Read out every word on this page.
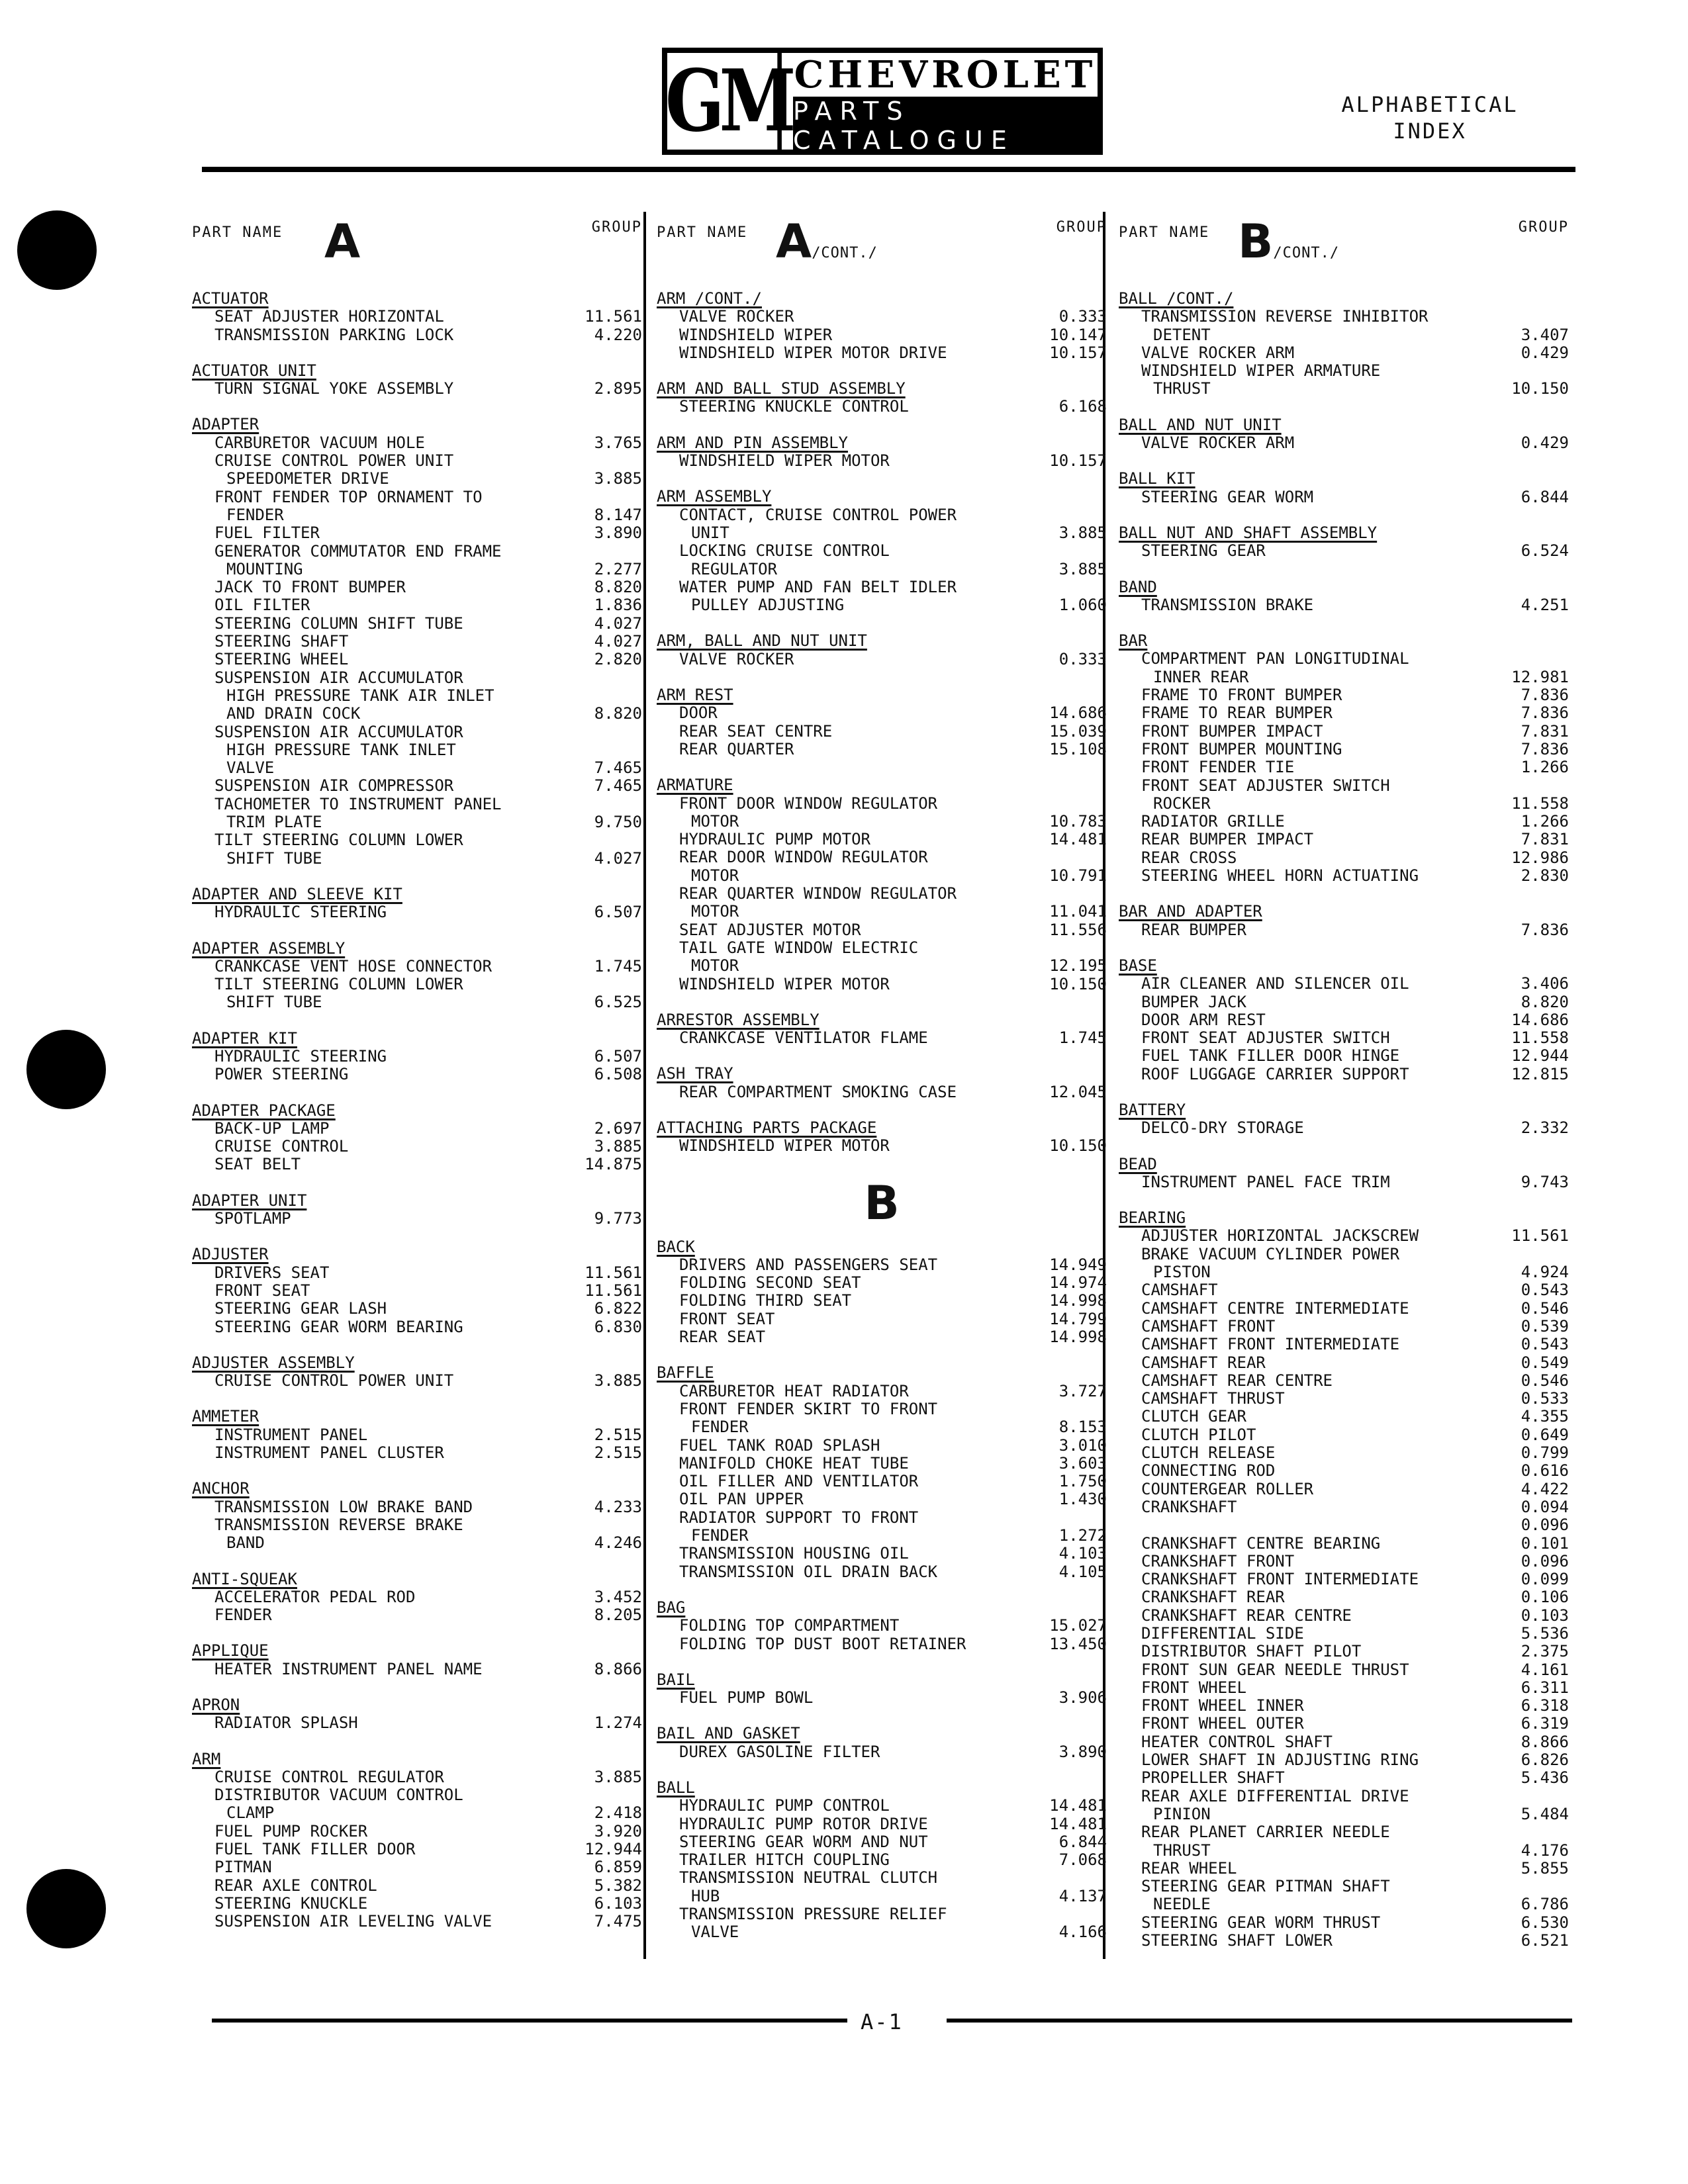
GM CHEVROLET
PARTS CATALOGUE
ALPHABETICAL
INDEX
PART NAME	GROUP
A
ACTUATOR
SEAT ADJUSTER HORIZONTAL	11.561
TRANSMISSION PARKING LOCK	4.220
ACTUATOR UNIT
TURN SIGNAL YOKE ASSEMBLY	2.895
ADAPTER
CARBURETOR VACUUM HOLE	3.765
CRUISE CONTROL POWER UNIT
SPEEDOMETER DRIVE	3.885
FRONT FENDER TOP ORNAMENT TO
FENDER	8.147
FUEL FILTER	3.890
GENERATOR COMMUTATOR END FRAME
MOUNTING	2.277
JACK TO FRONT BUMPER	8.820
OIL FILTER	1.836
STEERING COLUMN SHIFT TUBE	4.027
STEERING SHAFT	4.027
STEERING WHEEL	2.820
SUSPENSION AIR ACCUMULATOR
HIGH PRESSURE TANK AIR INLET
AND DRAIN COCK	8.820
SUSPENSION AIR ACCUMULATOR
HIGH PRESSURE TANK INLET
VALVE	7.465
SUSPENSION AIR COMPRESSOR	7.465
TACHOMETER TO INSTRUMENT PANEL
TRIM PLATE	9.750
TILT STEERING COLUMN LOWER
SHIFT TUBE	4.027
ADAPTER AND SLEEVE KIT
HYDRAULIC STEERING	6.507
ADAPTER ASSEMBLY
CRANKCASE VENT HOSE CONNECTOR	1.745
TILT STEERING COLUMN LOWER
SHIFT TUBE	6.525
ADAPTER KIT
HYDRAULIC STEERING	6.507
POWER STEERING	6.508
ADAPTER PACKAGE
BACK-UP LAMP	2.697
CRUISE CONTROL	3.885
SEAT BELT	14.875
ADAPTER UNIT
SPOTLAMP	9.773
ADJUSTER
DRIVERS SEAT	11.561
FRONT SEAT	11.561
STEERING GEAR LASH	6.822
STEERING GEAR WORM BEARING	6.830
ADJUSTER ASSEMBLY
CRUISE CONTROL POWER UNIT	3.885
AMMETER
INSTRUMENT PANEL	2.515
INSTRUMENT PANEL CLUSTER	2.515
ANCHOR
TRANSMISSION LOW BRAKE BAND	4.233
TRANSMISSION REVERSE BRAKE
BAND	4.246
ANTI-SQUEAK
ACCELERATOR PEDAL ROD	3.452
FENDER	8.205
APPLIQUE
HEATER INSTRUMENT PANEL NAME	8.866
APRON
RADIATOR SPLASH	1.274
ARM
CRUISE CONTROL REGULATOR	3.885
DISTRIBUTOR VACUUM CONTROL
CLAMP	2.418
FUEL PUMP ROCKER	3.920
FUEL TANK FILLER DOOR	12.944
PITMAN	6.859
REAR AXLE CONTROL	5.382
STEERING KNUCKLE	6.103
SUSPENSION AIR LEVELING VALVE	7.475
PART NAME	GROUP
A/CONT./
ARM /CONT./
VALVE ROCKER	0.333
WINDSHIELD WIPER	10.147
WINDSHIELD WIPER MOTOR DRIVE	10.157
ARM AND BALL STUD ASSEMBLY
STEERING KNUCKLE CONTROL	6.168
ARM AND PIN ASSEMBLY
WINDSHIELD WIPER MOTOR	10.157
ARM ASSEMBLY
CONTACT, CRUISE CONTROL POWER
UNIT	3.885
LOCKING CRUISE CONTROL
REGULATOR	3.885
WATER PUMP AND FAN BELT IDLER
PULLEY ADJUSTING	1.060
ARM, BALL AND NUT UNIT
VALVE ROCKER	0.333
ARM REST
DOOR	14.686
REAR SEAT CENTRE	15.039
REAR QUARTER	15.108
ARMATURE
FRONT DOOR WINDOW REGULATOR
MOTOR	10.783
HYDRAULIC PUMP MOTOR	14.481
REAR DOOR WINDOW REGULATOR
MOTOR	10.791
REAR QUARTER WINDOW REGULATOR
MOTOR	11.041
SEAT ADJUSTER MOTOR	11.556
TAIL GATE WINDOW ELECTRIC
MOTOR	12.195
WINDSHIELD WIPER MOTOR	10.150
ARRESTOR ASSEMBLY
CRANKCASE VENTILATOR FLAME	1.745
ASH TRAY
REAR COMPARTMENT SMOKING CASE	12.045
ATTACHING PARTS PACKAGE
WINDSHIELD WIPER MOTOR	10.150
B
BACK
DRIVERS AND PASSENGERS SEAT	14.949
FOLDING SECOND SEAT	14.974
FOLDING THIRD SEAT	14.998
FRONT SEAT	14.799
REAR SEAT	14.998
BAFFLE
CARBURETOR HEAT RADIATOR	3.727
FRONT FENDER SKIRT TO FRONT
FENDER	8.153
FUEL TANK ROAD SPLASH	3.010
MANIFOLD CHOKE HEAT TUBE	3.603
OIL FILLER AND VENTILATOR	1.750
OIL PAN UPPER	1.430
RADIATOR SUPPORT TO FRONT
FENDER	1.272
TRANSMISSION HOUSING OIL	4.103
TRANSMISSION OIL DRAIN BACK	4.105
BAG
FOLDING TOP COMPARTMENT	15.027
FOLDING TOP DUST BOOT RETAINER	13.450
BAIL
FUEL PUMP BOWL	3.906
BAIL AND GASKET
DUREX GASOLINE FILTER	3.890
BALL
HYDRAULIC PUMP CONTROL	14.481
HYDRAULIC PUMP ROTOR DRIVE	14.481
STEERING GEAR WORM AND NUT	6.844
TRAILER HITCH COUPLING	7.068
TRANSMISSION NEUTRAL CLUTCH
HUB	4.137
TRANSMISSION PRESSURE RELIEF
VALVE	4.166
PART NAME	GROUP
B/CONT./
BALL /CONT./
TRANSMISSION REVERSE INHIBITOR
DETENT	3.407
VALVE ROCKER ARM	0.429
WINDSHIELD WIPER ARMATURE
THRUST	10.150
BALL AND NUT UNIT
VALVE ROCKER ARM	0.429
BALL KIT
STEERING GEAR WORM	6.844
BALL NUT AND SHAFT ASSEMBLY
STEERING GEAR	6.524
BAND
TRANSMISSION BRAKE	4.251
BAR
COMPARTMENT PAN LONGITUDINAL
INNER REAR	12.981
FRAME TO FRONT BUMPER	7.836
FRAME TO REAR BUMPER	7.836
FRONT BUMPER IMPACT	7.831
FRONT BUMPER MOUNTING	7.836
FRONT FENDER TIE	1.266
FRONT SEAT ADJUSTER SWITCH
ROCKER	11.558
RADIATOR GRILLE	1.266
REAR BUMPER IMPACT	7.831
REAR CROSS	12.986
STEERING WHEEL HORN ACTUATING	2.830
BAR AND ADAPTER
REAR BUMPER	7.836
BASE
AIR CLEANER AND SILENCER OIL	3.406
BUMPER JACK	8.820
DOOR ARM REST	14.686
FRONT SEAT ADJUSTER SWITCH	11.558
FUEL TANK FILLER DOOR HINGE	12.944
ROOF LUGGAGE CARRIER SUPPORT	12.815
BATTERY
DELCO-DRY STORAGE	2.332
BEAD
INSTRUMENT PANEL FACE TRIM	9.743
BEARING
ADJUSTER HORIZONTAL JACKSCREW	11.561
BRAKE VACUUM CYLINDER POWER
PISTON	4.924
CAMSHAFT	0.543
CAMSHAFT CENTRE INTERMEDIATE	0.546
CAMSHAFT FRONT	0.539
CAMSHAFT FRONT INTERMEDIATE	0.543
CAMSHAFT REAR	0.549
CAMSHAFT REAR CENTRE	0.546
CAMSHAFT THRUST	0.533
CLUTCH GEAR	4.355
CLUTCH PILOT	0.649
CLUTCH RELEASE	0.799
CONNECTING ROD	0.616
COUNTERGEAR ROLLER	4.422
CRANKSHAFT	0.094
0.096
CRANKSHAFT CENTRE BEARING	0.101
CRANKSHAFT FRONT	0.096
CRANKSHAFT FRONT INTERMEDIATE	0.099
CRANKSHAFT REAR	0.106
CRANKSHAFT REAR CENTRE	0.103
DIFFERENTIAL SIDE	5.536
DISTRIBUTOR SHAFT PILOT	2.375
FRONT SUN GEAR NEEDLE THRUST	4.161
FRONT WHEEL	6.311
FRONT WHEEL INNER	6.318
FRONT WHEEL OUTER	6.319
HEATER CONTROL SHAFT	8.866
LOWER SHAFT IN ADJUSTING RING	6.826
PROPELLER SHAFT	5.436
REAR AXLE DIFFERENTIAL DRIVE
PINION	5.484
REAR PLANET CARRIER NEEDLE
THRUST	4.176
REAR WHEEL	5.855
STEERING GEAR PITMAN SHAFT
NEEDLE	6.786
STEERING GEAR WORM THRUST	6.530
STEERING SHAFT LOWER	6.521
A-1
